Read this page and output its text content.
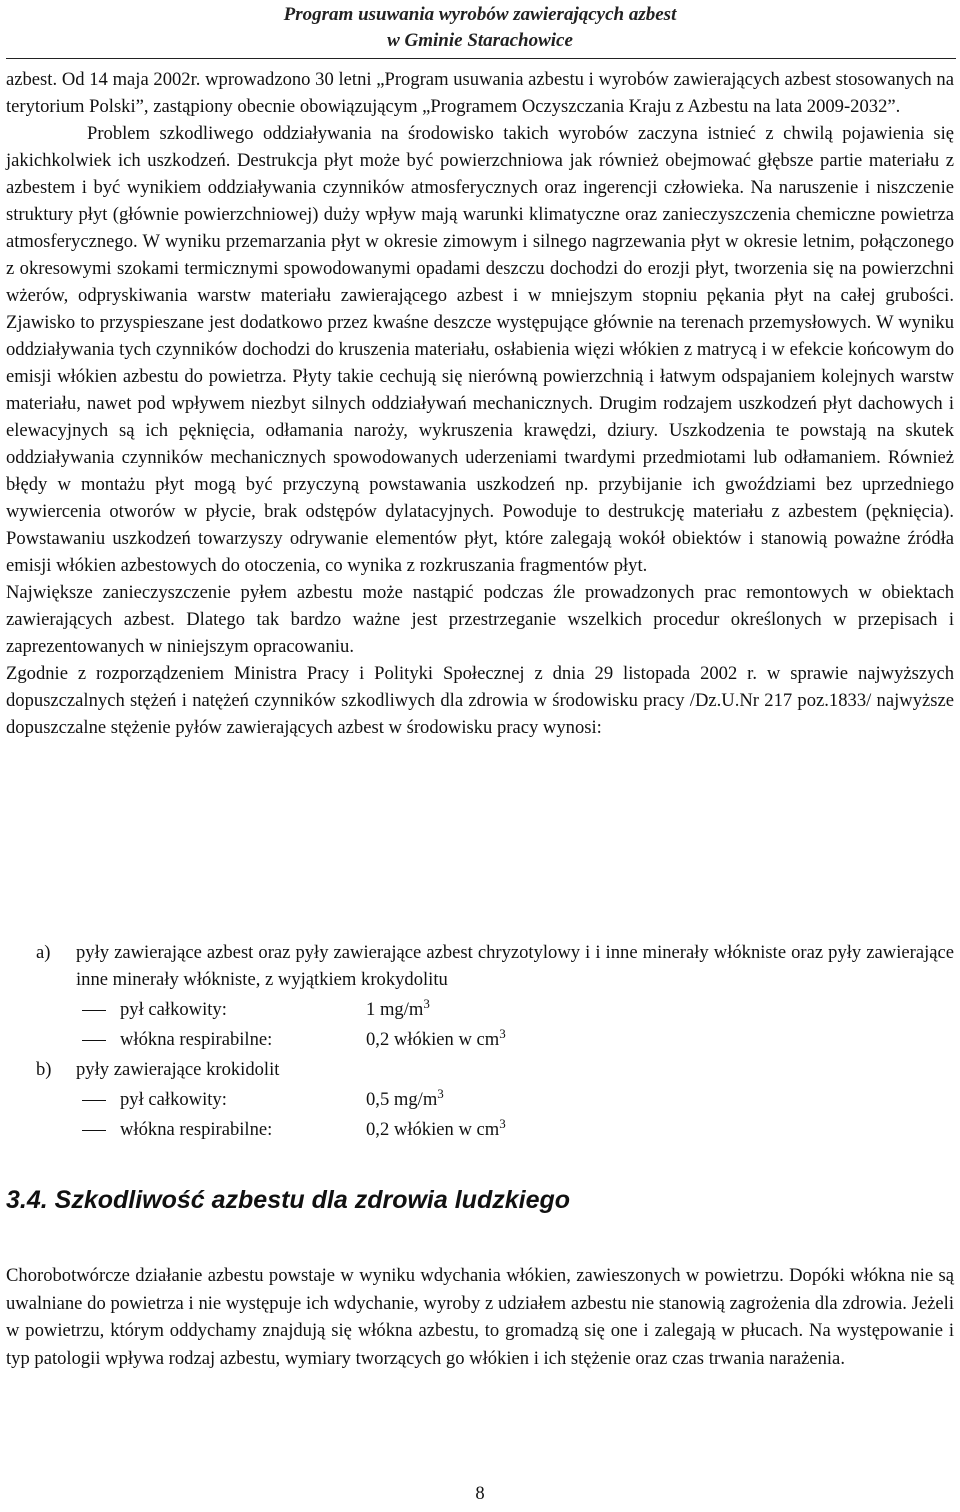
Program usuwania wyrobów zawierających azbest
w Gminie Starachowice

azbest. Od 14 maja 2002r. wprowadzono 30 letni „Program usuwania azbestu i wyrobów zawierających azbest stosowanych na terytorium Polski”, zastąpiony obecnie obowiązującym „Programem Oczyszczania Kraju z Azbestu na lata 2009-2032”.

Problem szkodliwego oddziaływania na środowisko takich wyrobów zaczyna istnieć z chwilą pojawienia się jakichkolwiek ich uszkodzeń. Destrukcja płyt może być powierzchniowa jak również obejmować głębsze partie materiału z azbestem i być wynikiem oddziaływania czynników atmosferycznych oraz ingerencji człowieka. Na naruszenie i niszczenie struktury płyt (głównie powierzchniowej) duży wpływ mają warunki klimatyczne oraz zanieczyszczenia chemiczne powietrza atmosferycznego. W wyniku przemarzania płyt w okresie zimowym i silnego nagrzewania płyt w okresie letnim, połączonego z okresowymi szokami termicznymi spowodowanymi opadami deszczu dochodzi do erozji płyt, tworzenia się na powierzchni wżerów, odpryskiwania warstw materiału zawierającego azbest i w mniejszym stopniu pękania płyt na całej grubości. Zjawisko to przyspieszane jest dodatkowo przez kwaśne deszcze występujące głównie na terenach przemysłowych. W wyniku oddziaływania tych czynników dochodzi do kruszenia materiału, osłabienia więzi włókien z matrycą i w efekcie końcowym do emisji włókien azbestu do powietrza. Płyty takie cechują się nierówną powierzchnią i łatwym odspajaniem kolejnych warstw materiału, nawet pod wpływem niezbyt silnych oddziaływań mechanicznych. Drugim rodzajem uszkodzeń płyt dachowych i elewacyjnych są ich pęknięcia, odłamania naroży, wykruszenia krawędzi, dziury. Uszkodzenia te powstają na skutek oddziaływania czynników mechanicznych spowodowanych uderzeniami twardymi przedmiotami lub odłamaniem. Również błędy w montażu płyt mogą być przyczyną powstawania uszkodzeń np. przybijanie ich gwoździami bez uprzedniego wywiercenia otworów w płycie, brak odstępów dylatacyjnych. Powoduje to destrukcję materiału z azbestem (pęknięcia). Powstawaniu uszkodzeń towarzyszy odrywanie elementów płyt, które zalegają wokół obiektów i stanowią poważne źródła emisji włókien azbestowych do otoczenia, co wynika z rozkruszania fragmentów płyt.

Największe zanieczyszczenie pyłem azbestu może nastąpić podczas źle prowadzonych prac remontowych w obiektach zawierających azbest. Dlatego tak bardzo ważne jest przestrzeganie wszelkich procedur określonych w przepisach i zaprezentowanych w niniejszym opracowaniu.

Zgodnie z rozporządzeniem Ministra Pracy i Polityki Społecznej z dnia 29 listopada 2002 r. w sprawie najwyższych dopuszczalnych stężeń i natężeń czynników szkodliwych dla zdrowia w środowisku pracy /Dz.U.Nr 217 poz.1833/ najwyższe dopuszczalne stężenie pyłów zawierających azbest w środowisku pracy wynosi:

a) pyły zawierające azbest oraz pyły zawierające azbest chryzotylowy i i inne minerały włókniste oraz pyły zawierające inne minerały włókniste, z wyjątkiem krokydolitu
pył całkowity:	1 $mg/m^3$
włókna respirabilne:	0,2 włókien w $cm^3$
b) pyły zawierające krokidolit
pył całkowity:	0,5 $mg/m^3$
włókna respirabilne:	0,2 włókien w $cm^3$
3.4. Szkodliwość azbestu dla zdrowia ludzkiego
Chorobotwórcze działanie azbestu powstaje w wyniku wdychania włókien, zawieszonych w powietrzu. Dopóki włókna nie są uwalniane do powietrza i nie występuje ich wdychanie, wyroby z udziałem azbestu nie stanowią zagrożenia dla zdrowia. Jeżeli w powietrzu, którym oddychamy znajdują się włókna azbestu, to gromadzą się one i zalegają w płucach. Na występowanie i typ patologii wpływa rodzaj azbestu, wymiary tworzących go włókien i ich stężenie oraz czas trwania narażenia.
8
